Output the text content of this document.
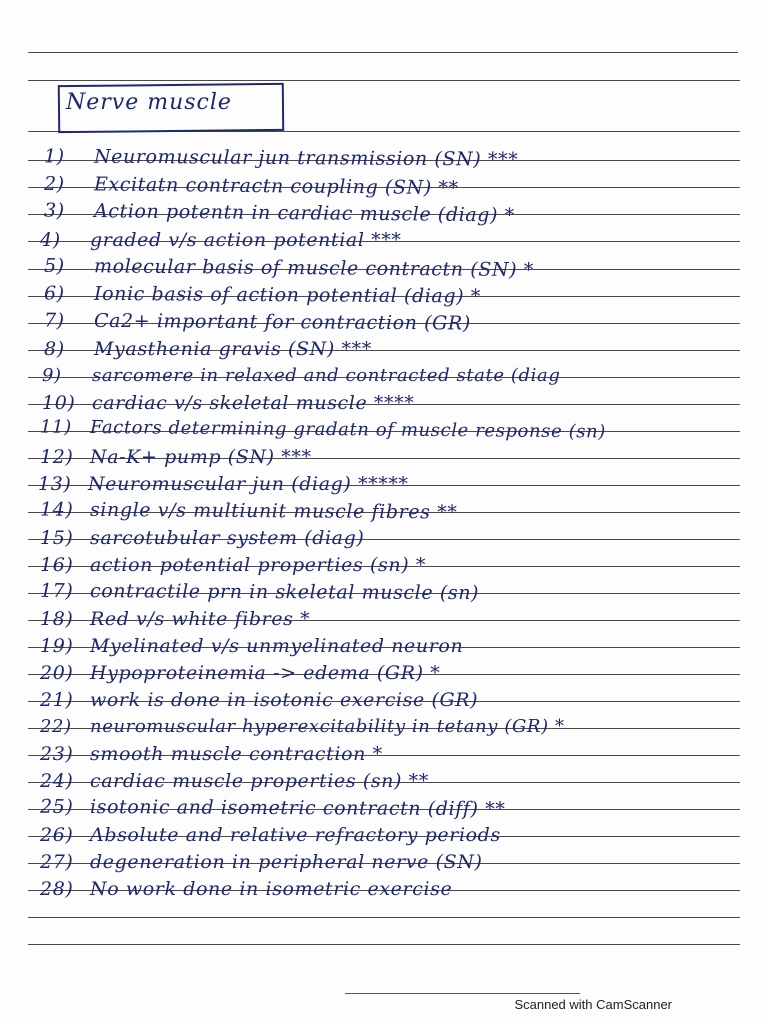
Nerve muscle
1) Neuromuscular jun transmission (SN) ***
2) Excitatn contractn coupling (SN) **
3) Action potentn in cardiac muscle (diag) *
4) graded v/s action potential ***
5) molecular basis of muscle contractn (SN) *
6) Ionic basis of action potential (diag) *
7) Ca2+ important for contraction (GR)
8) Myasthenia gravis (SN) ***
9) sarcomere in relaxed and contracted state (diag
10) cardiac v/s skeletal muscle ****
11) Factors determining gradatn of muscle response (sn)
12) Na-K+ pump (SN) ***
13) Neuromuscular jun (diag) *****
14) single v/s multiunit muscle fibres **
15) sarcotubular system (diag)
16) action potential properties (sn) *
17) contractile prn in skeletal muscle (sn)
18) Red v/s white fibres *
19) Myelinated v/s unmyelinated neuron
20) Hypoproteinemia -> edema (GR) *
21) work is done in isotonic exercise (GR)
22) neuromuscular hyperexcitability in tetany (GR) *
23) smooth muscle contraction *
24) cardiac muscle properties (sn) **
25) isotonic and isometric contractn (diff) **
26) Absolute and relative refractory periods
27) degeneration in peripheral nerve (SN)
28) No work done in isometric exercise
Scanned with CamScanner
